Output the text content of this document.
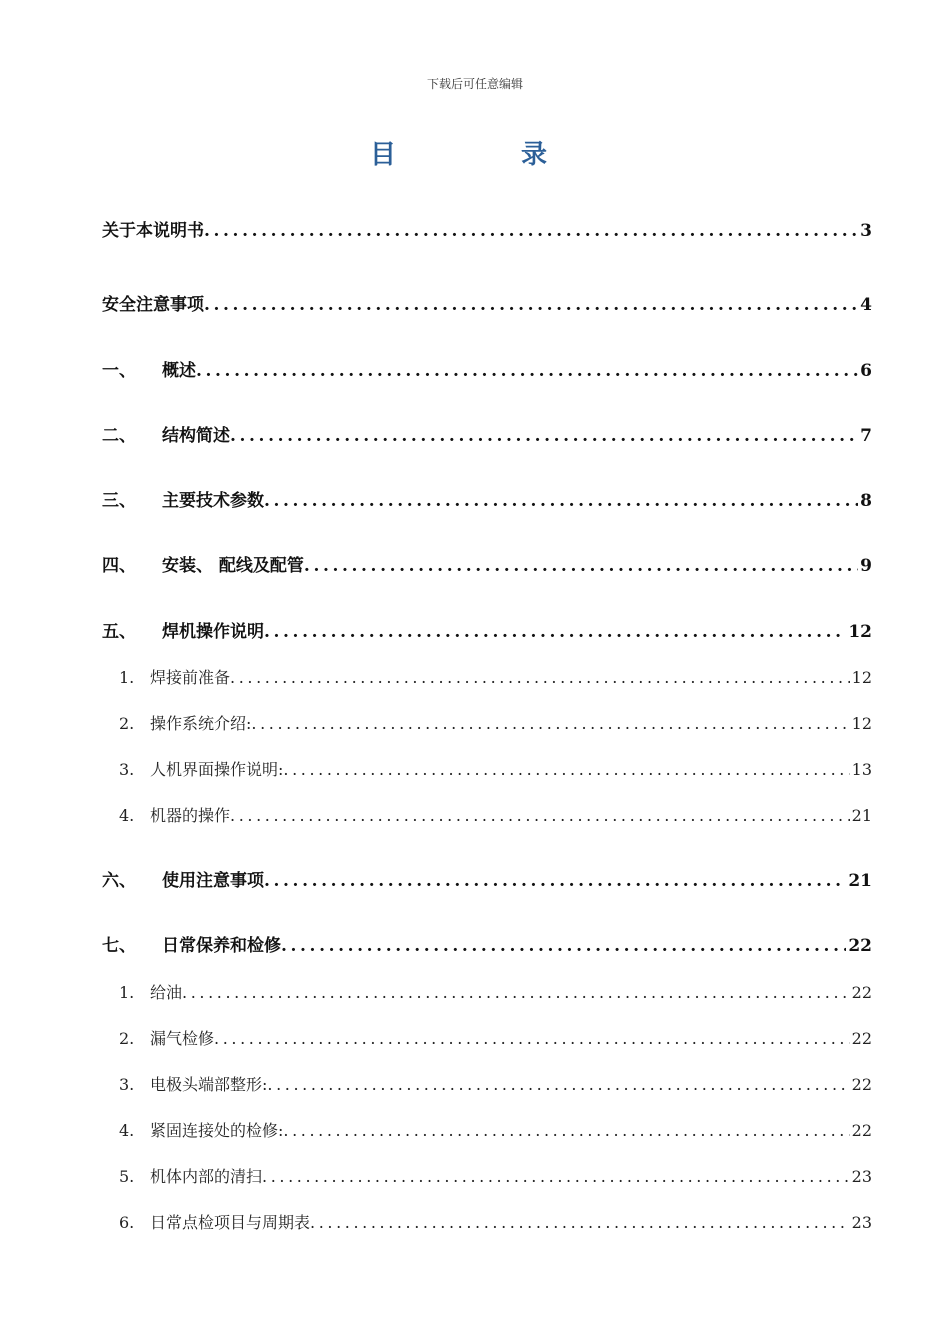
下载后可任意编辑
目 录
关于本说明书 .....	3
安全注意事项 .....	4
一、	概述 .....	6
二、	结构简述 .....	7
三、	主要技术参数 .....	8
四、	安装、 配线及配管 .....	9
五、	焊机操作说明 .....	12
1. 焊接前准备 .....	12
2. 操作系统介绍: .....	12
3. 人机界面操作说明: .....	13
4. 机器的操作 .....	21
六、	使用注意事项 .....	21
七、	日常保养和检修 .....	22
1. 给油 .....	22
2. 漏气检修 .....	22
3. 电极头端部整形: .....	22
4. 紧固连接处的检修: .....	22
5. 机体内部的清扫 .....	23
6. 日常点检项目与周期表 .....	23
